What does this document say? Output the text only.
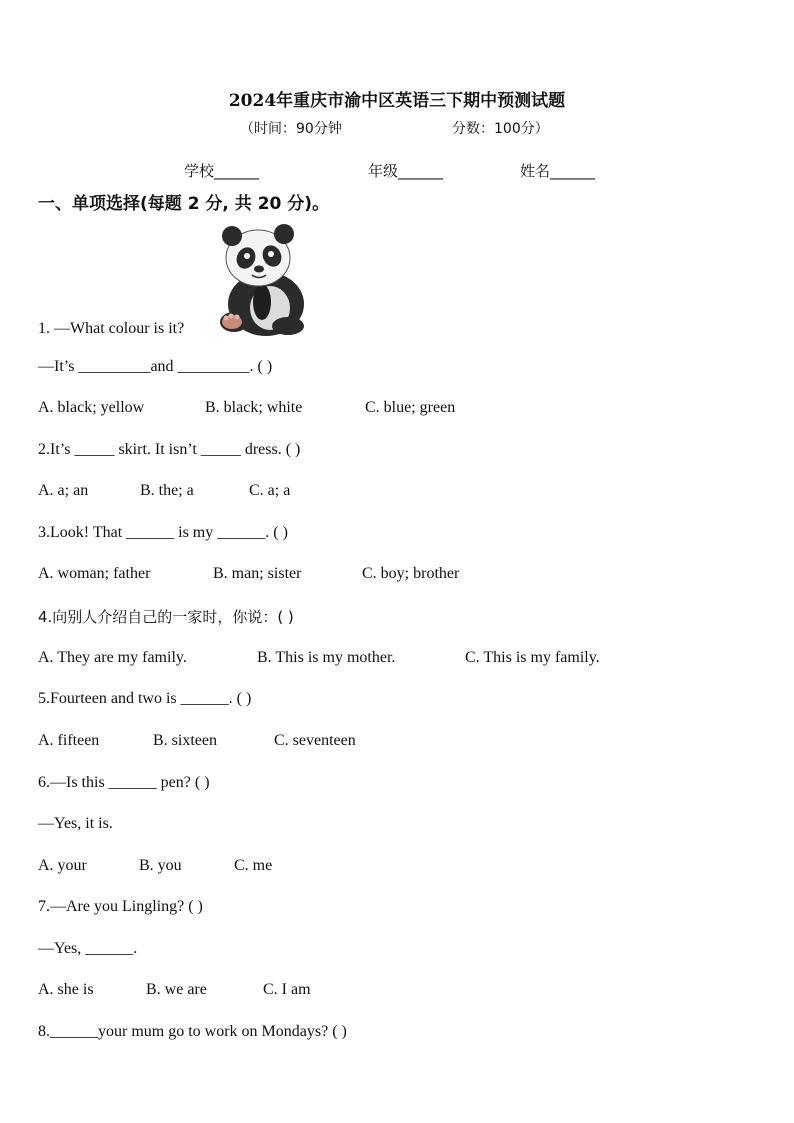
2024年重庆市渝中区英语三下期中预测试题
（时间：90分钟	分数：100分）
学校______	年级______	姓名______
一、单项选择(每题 2 分, 共 20 分)。
1. —What colour is it?
—It’s _________and _________. ( )
A. black; yellow	B. black; white	C. blue; green
2.It’s _____ skirt. It isn’t _____ dress. ( )
A. a; an	B. the; a	C. a; a
3.Look! That ______ is my ______. ( )
A. woman; father	B. man; sister	C. boy; brother
4.向别人介绍自己的一家时，你说：( )
A. They are my family.	B. This is my mother.	C. This is my family.
5.Fourteen and two is ______. ( )
A. fifteen	B. sixteen	C. seventeen
6.—Is this ______ pen? ( )
—Yes, it is.
A. your	B. you	C. me
7.—Are you Lingling? ( )
—Yes, ______.
A. she is	B. we are	C. I am
8.______your mum go to work on Mondays? ( )
